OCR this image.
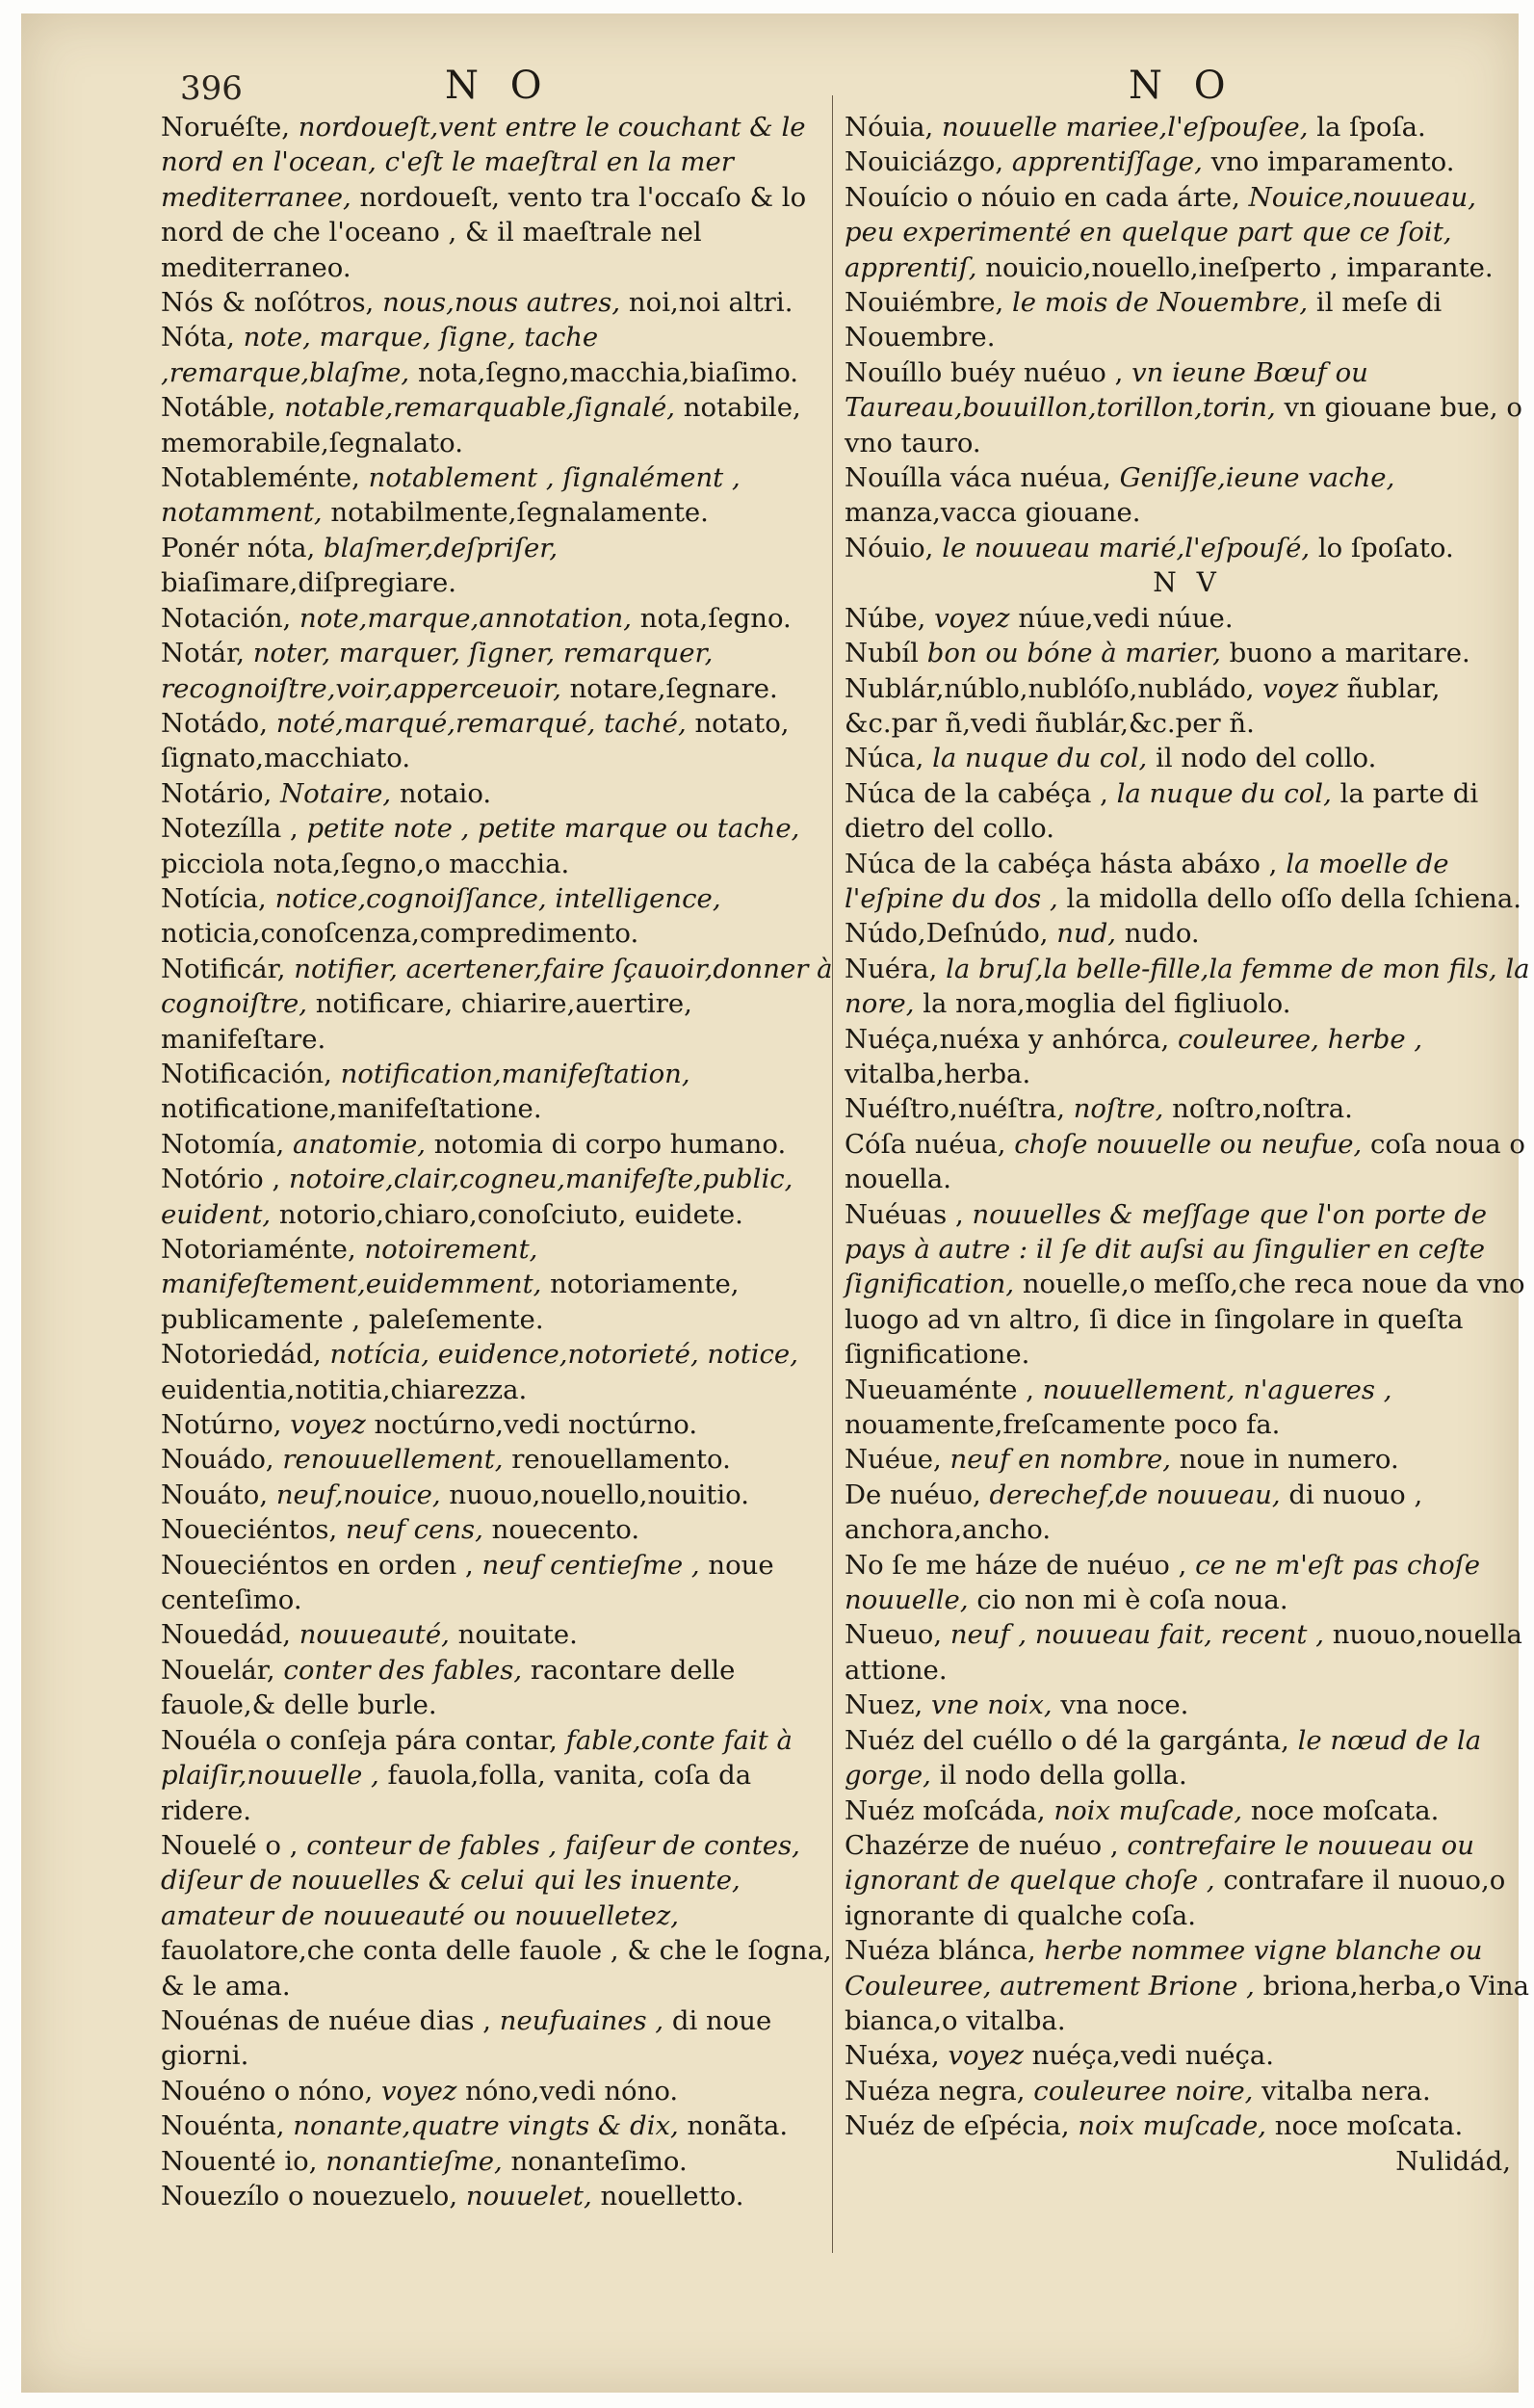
396	N O	N O

Noruéſte, nordoueſt,vent entre le couchant & le nord en l'ocean, c'eſt le maeſtral en la mer mediterranee, nordoueſt, vento tra l'occaſo & lo nord de che l'oceano , & il maeſtrale nel mediterraneo.

Nós & noſótros, nous,nous autres, noi,noi altri.

Nóta, note, marque, ſigne, tache ,remarque,blaſme, nota,ſegno,macchia,biaſimo.

Notáble, notable,remarquable,ſignalé, notabile, memorabile,ſegnalato.

Notableménte, notablement , ſignalément , notamment, notabilmente,ſegnalamente.

Ponér nóta, blaſmer,deſpriſer, biaſimare,diſpregiare.

Notación, note,marque,annotation, nota,ſegno.

Notár, noter, marquer, ſigner, remarquer, recognoiſtre,voir,apperceuoir, notare,ſegnare.

Notádo, noté,marqué,remarqué, taché, notato, ſignato,macchiato.

Notário, Notaire, notaio.

Notezílla , petite note , petite marque ou tache, picciola nota,ſegno,o macchia.

Notícia, notice,cognoiſſance, intelligence, noticia,conoſcenza,compredimento.

Notificár, notifier, acertener,faire ſçauoir,donner à cognoiſtre, notificare, chiarire,auertire, manifeſtare.

Notificación, notification,manifeſtation, notificatione,manifeſtatione.

Notomía, anatomie, notomia di corpo humano.

Notório , notoire,clair,cogneu,manifeſte,public, euident, notorio,chiaro,conoſciuto, euidete.

Notoriaménte, notoirement, manifeſtement,euidemment, notoriamente, publicamente , paleſemente.

Notoriedád, notícia, euidence,notorieté, notice, euidentia,notitia,chiarezza.

Notúrno, voyez noctúrno,vedi noctúrno.

Nouádo, renouuellement, renouellamento.

Nouáto, neuf,nouice, nuouo,nouello,nouitio.

Noueciéntos, neuf cens, nouecento.

Noueciéntos en orden , neuf centieſme , noue centeſimo.

Nouedád, nouueauté, nouitate.

Nouelár, conter des fables, racontare delle fauole,& delle burle.

Nouéla o conſeja pára contar, fable,conte fait à plaiſir,nouuelle , fauola,folla, vanita, coſa da ridere.

Nouelé o , conteur de fables , faiſeur de contes, diſeur de nouuelles & celui qui les inuente, amateur de nouueauté ou nouuelletez, fauolatore,che conta delle fauole , & che le ſogna, & le ama.

Nouénas de nuéue dias , neufuaines , di noue giorni.

Nouéno o nóno, voyez nóno,vedi nóno.

Nouénta, nonante,quatre vingts & dix, nonãta.

Nouenté io, nonantieſme, nonanteſimo.

Nouezílo o nouezuelo, nouuelet, nouelletto.

Nóuia, nouuelle mariee,l'eſpouſee, la ſpoſa.

Nouiciázgo, apprentiſſage, vno imparamento.

Nouício o nóuio en cada árte, Nouice,nouueau, peu experimenté en quelque part que ce ſoit, apprentiſ, nouicio,nouello,ineſperto , imparante.

Nouiémbre, le mois de Nouembre, il meſe di Nouembre.

Nouíllo buéy nuéuo , vn ieune Bœuf ou Taureau,bouuillon,torillon,torin, vn giouane bue, o vno tauro.

Nouílla váca nuéua, Geniſſe,ieune vache, manza,vacca giouane.

Nóuio, le nouueau marié,l'eſpouſé, lo ſpoſato.

N V

Núbe, voyez núue,vedi núue.

Nubíl bon ou bóne à marier, buono a maritare.

Nublár,núblo,nublóſo,nubládo, voyez ñublar, &c.par ñ,vedi ñublár,&c.per ñ.

Núca, la nuque du col, il nodo del collo.

Núca de la cabéça , la nuque du col, la parte di dietro del collo.

Núca de la cabéça hásta abáxo , la moelle de l'eſpine du dos , la midolla dello oſſo della ſchiena.

Núdo,Deſnúdo, nud, nudo.

Nuéra, la bruſ,la belle-fille,la femme de mon fils, la nore, la nora,moglia del figliuolo.

Nuéça,nuéxa y anhórca, couleuree, herbe , vitalba,herba.

Nuéſtro,nuéſtra, noſtre, noſtro,noſtra.

Cóſa nuéua, choſe nouuelle ou neufue, coſa noua o nouella.

Nuéuas , nouuelles & meſſage que l'on porte de pays à autre : il ſe dit auſsi au ſingulier en ceſte ſignification, nouelle,o meſſo,che reca noue da vno luogo ad vn altro, ſi dice in ſingolare in queſta ſignificatione.

Nueuaménte , nouuellement, n'agueres , nouamente,freſcamente poco fa.

Nuéue, neuf en nombre, noue in numero.

De nuéuo, derechef,de nouueau, di nuouo , anchora,ancho.

No ſe me háze de nuéuo , ce ne m'eſt pas choſe nouuelle, cio non mi è coſa noua.

Nueuo, neuf , nouueau fait, recent , nuouo,nouella attione.

Nuez, vne noix, vna noce.

Nuéz del cuéllo o dé la gargánta, le nœud de la gorge, il nodo della golla.

Nuéz moſcáda, noix muſcade, noce moſcata.

Chazérze de nuéuo , contrefaire le nouueau ou ignorant de quelque choſe , contrafare il nuouo,o ignorante di qualche coſa.

Nuéza blánca, herbe nommee vigne blanche ou Couleuree, autrement Brione , briona,herba,o Vina bianca,o vitalba.

Nuéxa, voyez nuéça,vedi nuéça.

Nuéza negra, couleuree noire, vitalba nera.

Nuéz de eſpécia, noix muſcade, noce moſcata.

Nulidád,
